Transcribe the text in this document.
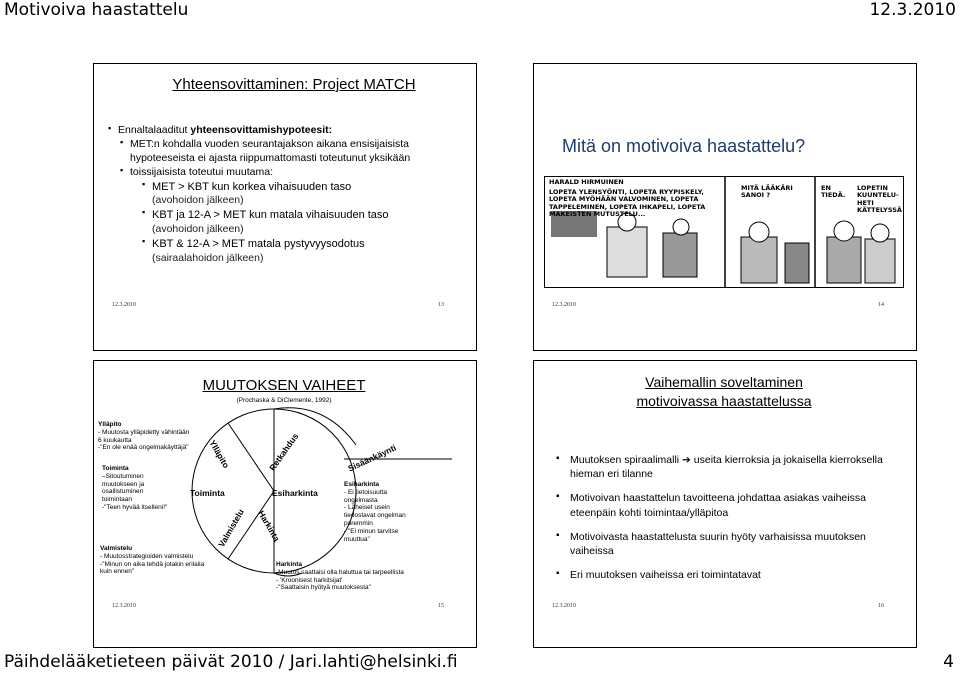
Motivoiva haastattelu	12.3.2010
Yhteensovittaminen: Project MATCH
▪ Ennaltalaaditut yhteensovittamishypoteesit:
▪ MET:n kohdalla vuoden seurantajakson aikana ensisijaisista hypoteeseista ei ajasta riippumattomasti toteutunut yksikään
▪ toissijaisista toteutui muutama:
▪ MET > KBT kun korkea vihaisuuden taso
(avohoidon jälkeen)
▪ KBT ja 12-A > MET kun matala vihaisuuden taso
(avohoidon jälkeen)
▪ KBT & 12-A > MET matala pystyvyysodotus
(sairaalahoidon jälkeen)
12.3.2010	13
Mitä on motivoiva haastattelu?
HARALD HIRMUINEN
LOPETA YLENSYÖNTI, LOPETA RYYPISKELY, LOPETA MYÖHÄÄN VALVOMINEN, LOPETA TAPPELEMINEN, LOPETA IHKAPELI, LOPETA MAKEISTEN MUTUSTELU...
MITÄ LÄÄKÄRI SANOI ?
EN TIEDÄ.
LOPETIN KUUNTELU-HETI KÄTTELYSSÄ
12.3.2010	14
MUUTOKSEN VAIHEET
(Prochaska & DiClemente, 1992)
Ylläpito	Retkahdus	Sisäänkäynti
Toiminta	Esiharkinta
Valmistelu Harkinta
Ylläpito
- Muutosta ylläpidetty vähintään
6 kuukautta
-"En ole enää ongelmakäyttäjä"
Toiminta
–Sitoutuminen
muutokseen ja
osallistuminen
toimintaan
-"Teen hyvää itselleni!"
Valmistelu
- Muutosstrategioiden valmistelu
-"Minun on aika tehdä jotakin erilaila
kuin ennen"
Esiharkinta
- Ei tietoisuutta
ongelmasta
- Läheiset usein
tiedostavat ongelman
paremmin
- "Ei minun tarvitse
muuttua"
Harkinta
-Muutos saattaisi olla haluttua tai tarpeellista
- 'Kroonisest harkitsijat'
-"Saattaisin hyötyä muutoksesta"
12.3.2010	15
Vaihemallin soveltaminen
motivoivassa haastattelussa
▪ Muutoksen spiraalimalli ➔ useita kierroksia ja jokaisella kierroksella hieman eri tilanne
▪ Motivoivan haastattelun tavoitteena johdattaa asiakas vaiheissa eteenpäin kohti toimintaa/ylläpitoa
▪ Motivoivasta haastattelusta suurin hyöty varhaisissa muutoksen vaiheissa
▪ Eri muutoksen vaiheissa eri toimintatavat
12.3.2010	16
Päihdelääketieteen päivät 2010 / Jari.lahti@helsinki.fi	4
